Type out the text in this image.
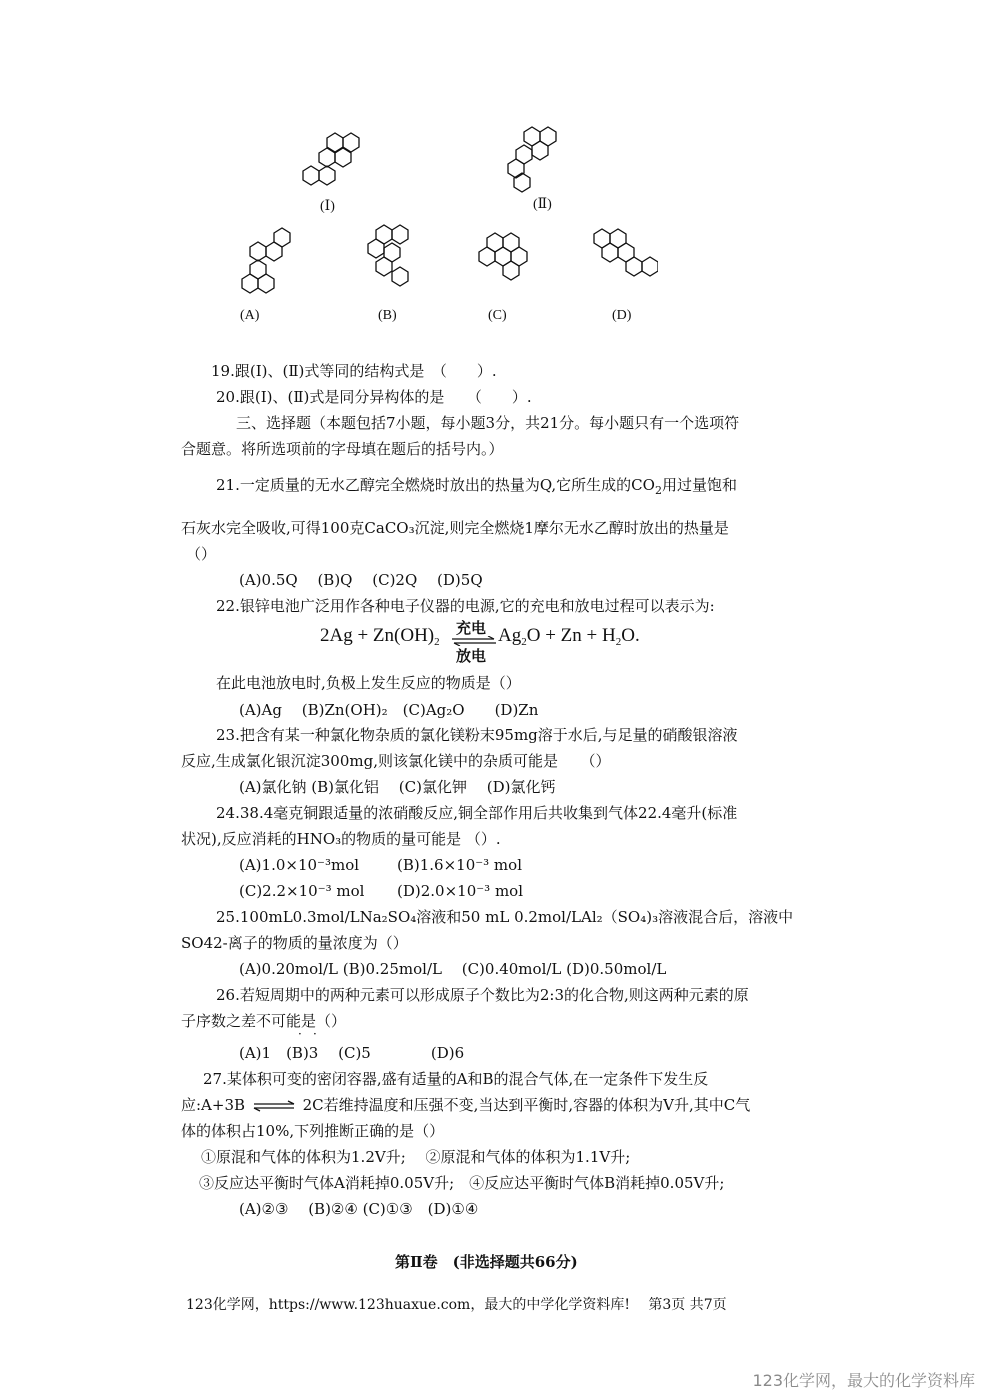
(Ⅰ)	(Ⅱ)
(A)	(B)	(C)	(D)
19.跟(Ⅰ)、(Ⅱ)式等同的结构式是　（　　）.
20.跟(Ⅰ)、(Ⅱ)式是同分异构体的是　　（　　）.
三、选择题（本题包括7小题，每小题3分，共21分。每小题只有一个选项符
合题意。将所选项前的字母填在题后的括号内。）
21.一定质量的无水乙醇完全燃烧时放出的热量为Q,它所生成的$CO_2$用过量饱和
石灰水完全吸收,可得100克CaCO₃沉淀,则完全燃烧1摩尔无水乙醇时放出的热量是
（）
(A)0.5Q　 (B)Q　 (C)2Q　 (D)5Q
22.银锌电池广泛用作各种电子仪器的电源,它的充电和放电过程可以表示为:
$2Ag + Zn(OH)_2$
充电
放电
$Ag_2O + Zn + H_2O$.
在此电池放电时,负极上发生反应的物质是（）
(A)Ag　 (B)Zn(OH)₂　(C)Ag₂O　　(D)Zn
23.把含有某一种氯化物杂质的氯化镁粉末95mg溶于水后,与足量的硝酸银溶液
反应,生成氯化银沉淀300mg,则该氯化镁中的杂质可能是　　（）
(A)氯化钠 (B)氯化铝　 (C)氯化钾　 (D)氯化钙
24.38.4毫克铜跟适量的浓硝酸反应,铜全部作用后共收集到气体22.4毫升(标准
状况),反应消耗的HNO₃的物质的量可能是 （）.
(A)1.0×10⁻³mol	(B)1.6×10⁻³ mol
(C)2.2×10⁻³ mol (D)2.0×10⁻³ mol
25.100mL0.3mol/LNa₂SO₄溶液和50 mL 0.2mol/LAl₂（SO₄)₃溶液混合后，溶液中
SO42-离子的物质的量浓度为（）
(A)0.20mol/L (B)0.25mol/L　 (C)0.40mol/L (D)0.50mol/L
26.若短周期中的两种元素可以形成原子个数比为2:3的化合物,则这两种元素的原
子序数之差不可能是（）
· ·
(A)1　(B)3　 (C)5　　　　(D)6
27.某体积可变的密闭容器,盛有适量的A和B的混合气体,在一定条件下发生反
应:A+3B ⇌ 2C若维持温度和压强不变,当达到平衡时,容器的体积为V升,其中C气
体的体积占10%,下列推断正确的是（）
①原混和气体的体积为1.2V升;　 ②原混和气体的体积为1.1V升;
③反应达平衡时气体A消耗掉0.05V升;　④反应达平衡时气体B消耗掉0.05V升;
(A)②③　 (B)②④ (C)①③　(D)①④
第Ⅱ卷　(非选择题共66分)
123化学网，https://www.123huaxue.com，最大的中学化学资料库!　 第3页 共7页
123化学网，最大的化学资料库
